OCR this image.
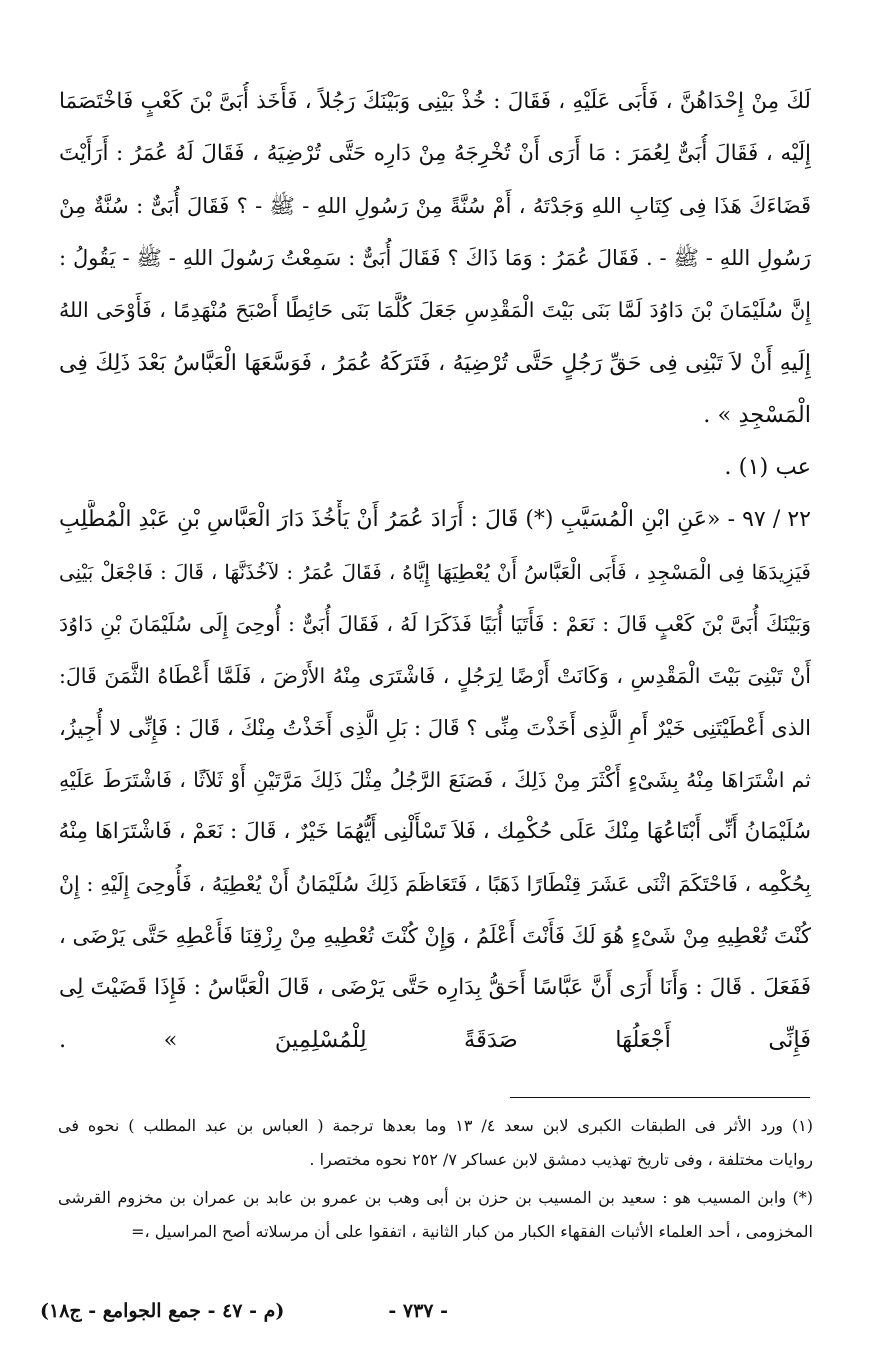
لَكَ مِنْ إِحْدَاهُنَّ ، فَأَبَى عَلَيْهِ ، فَقَالَ : خُذْ بَيْنِى وَبَيْنَكَ رَجُلاً ، فَأَخَذ أُبَىَّ بْنَ كَعْبٍ فَاخْتَصَمَا
إِلَيْه ، فَقَالَ أُبَىٌّ لِعُمَرَ : مَا أَرَى أَنْ تُخْرِجَهُ مِنْ دَارِه حَتَّى تُرْضِيَهُ ، فَقَالَ لَهُ عُمَرُ : أَرَأَيْتَ
قَضَاءَكَ هَذَا فِى كِتَابِ اللهِ وَجَدْتَهُ ، أَمْ سُنَّةً مِنْ رَسُولِ اللهِ - ﷺ - ؟ فَقَالَ أُبَىٌّ : سُنَّةٌ مِنْ
رَسُولِ اللهِ - ﷺ - . فَقَالَ عُمَرُ : وَمَا ذَاكَ ؟ فَقَالَ أُبَىٌّ : سَمِعْتُ رَسُولَ اللهِ - ﷺ - يَقُولُ :
إِنَّ سُلَيْمَانَ بْنَ دَاوُدَ لَمَّا بَنَى بَيْتَ الْمَقْدِسِ جَعَلَ كُلَّمَا بَنَى حَائِطًا أَصْبَحَ مُنْهَدِمًا ، فَأَوْحَى اللهُ
إِلَيهِ أَنْ لاَ تَبْنِى فِى حَقِّ رَجُلٍ حَتَّى تُرْضِيَهُ ، فَتَرَكَهُ عُمَرُ ، فَوَسَّعَهَا الْعَبَّاسُ بَعْدَ ذَلِكَ فِى
الْمَسْجِدِ » .
عب (١) .
٢٢ / ٩٧ - «عَنِ ابْنِ الْمُسَيَّبِ (*) قَالَ : أَرَادَ عُمَرُ أَنْ يَأْخُذَ دَارَ الْعَبَّاسِ بْنِ عَبْدِ الْمُطَّلِبِ
فَيَزِيدَهَا فِى الْمَسْجِدِ ، فَأَبَى الْعَبَّاسُ أَنْ يُعْطِيَهَا إِيَّاهُ ، فَقَالَ عُمَرُ : لآخُذَنَّهَا ، قَالَ : فَاجْعَلْ بَيْنِى
وَبَيْنَكَ أُبَىَّ بْنَ كَعْبٍ قَالَ : نَعَمْ : فَأَتَيَا أُبَيًا فَذَكَرَا لَهُ ، فَقَالَ أُبَىٌّ : أُوحِىَ إِلَى سُلَيْمَانَ بْنِ دَاوُدَ
أَنْ تَبْنِىَ بَيْتَ الْمَقْدِسِ ، وَكَانَتْ أَرْضًا لِرَجُلٍ ، فَاشْتَرَى مِنْهُ الأَرْضَ ، فَلَمَّا أَعْطَاهُ الثَّمَنَ قَالَ:
الذى أَعْطَيْتَنِى خَيْرٌ أَمِ الَّذِى أَخَذْتَ مِنِّى ؟ قَالَ : بَلِ الَّذِى أَخَذْتُ مِنْكَ ، قَالَ : فَإِنِّى لا أُجِيزُ،
ثم اشْتَرَاهَا مِنْهُ بِشَىْءٍ أَكْثَرَ مِنْ ذَلِكَ ، فَصَنَعَ الرَّجُلُ مِثْلَ ذَلِكَ مَرَّتَيْنِ أَوْ ثَلاَثًا ، فَاشْتَرَطَ عَلَيْهِ
سُلَيْمَانُ أَنِّى أَبْتَاعُهَا مِنْكَ عَلَى حُكْمِك ، فَلاَ تَسْأَلْنِى أَيُّهُمَا خَيْرٌ ، قَالَ : نَعَمْ ، فَاشْتَرَاهَا مِنْهُ
بِحُكْمِه ، فَاحْتَكَمَ اثْنَى عَشَرَ قِنْطَارًا ذَهَبًا ، فَتَعَاظَمَ ذَلِكَ سُلَيْمَانُ أَنْ يُعْطِيَهُ ، فَأُوحِىَ إِلَيْهِ : إِنْ
كُنْتَ تُعْطِيهِ مِنْ شَىْءٍ هُوَ لَكَ فَأَنْتَ أَعْلَمُ ، وَإِنْ كُنْتَ تُعْطِيهِ مِنْ رِزْقِنَا فَأَعْطِهِ حَتَّى يَرْضَى ،
فَفَعَلَ . قَالَ : وَأَنَا أَرَى أَنَّ عَبَّاسًا أَحَقُّ بِدَارِه حَتَّى يَرْضَى ، قَالَ الْعَبَّاسُ : فَإِذَا قَضَيْتَ لِى
فَإِنِّى أَجْعَلُهَا صَدَقَةً لِلْمُسْلِمِينَ » .
(١) ورد الأثر فى الطبقات الكبرى لابن سعد ٤/ ١٣ وما بعدها ترجمة ( العباس بن عبد المطلب ) نحوه فى
روايات مختلفة ، وفى تاريخ تهذيب دمشق لابن عساكر ٧/ ٢٥٢ نحوه مختصرا .
(*) وابن المسيب هو : سعيد بن المسيب بن حزن بن أبى وهب بن عمرو بن عابد بن عمران بن مخزوم القرشى
المخزومى ، أحد العلماء الأثبات الفقهاء الكبار من كبار الثانية ، اتفقوا على أن مرسلاته أصح المراسيل ،=
- ٧٣٧ -
(م - ٤٧ - جمع الجوامع - ج١٨)
